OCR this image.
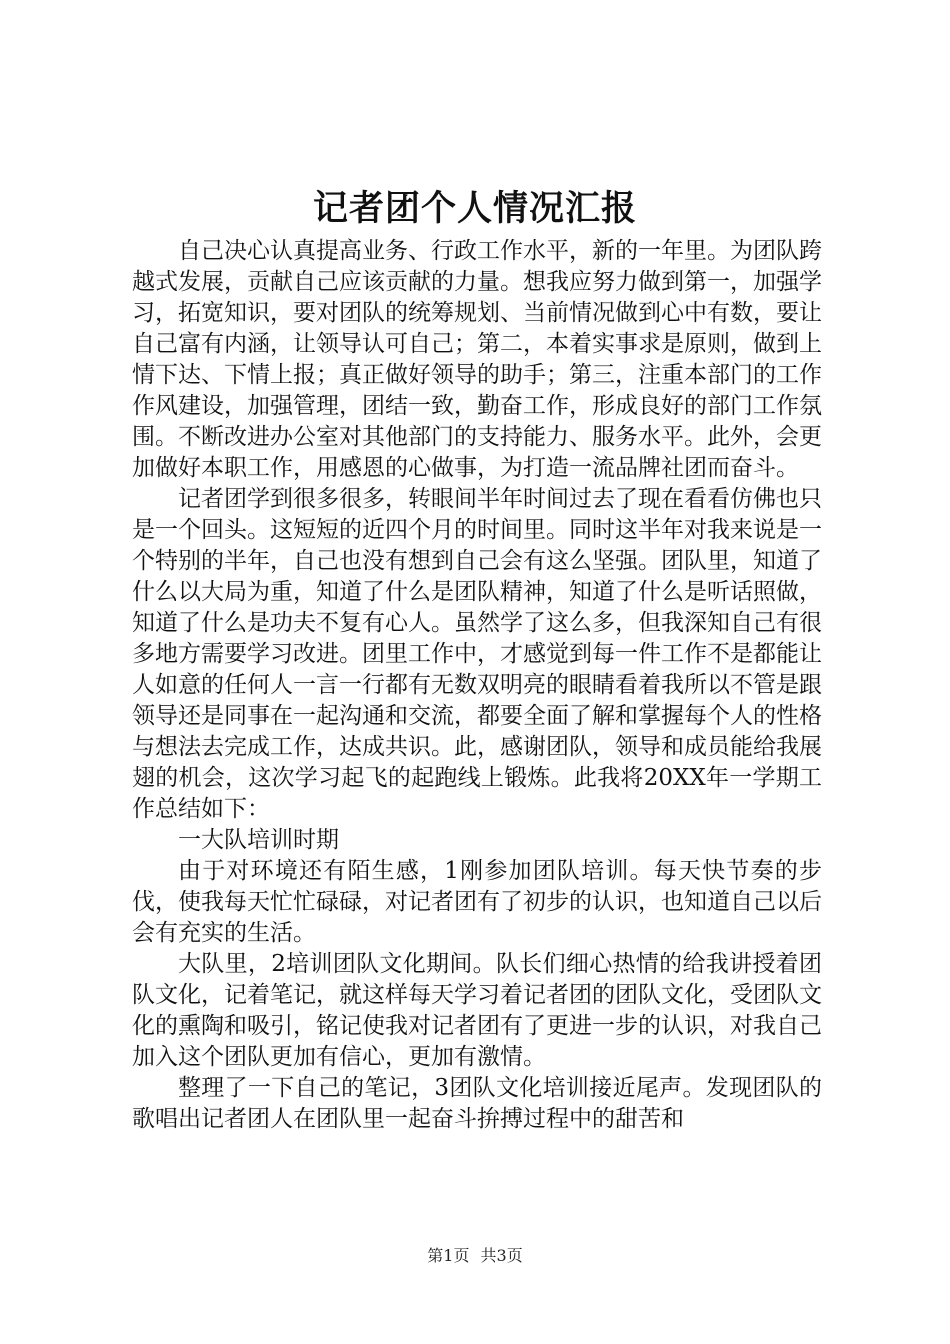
记者团个人情况汇报

自己决心认真提高业务、行政工作水平，新的一年里。为团队跨越式发展，贡献自己应该贡献的力量。想我应努力做到第一，加强学习，拓宽知识，要对团队的统筹规划、当前情况做到心中有数，要让自己富有内涵，让领导认可自己；第二，本着实事求是原则，做到上情下达、下情上报；真正做好领导的助手；第三，注重本部门的工作作风建设，加强管理，团结一致，勤奋工作，形成良好的部门工作氛围。不断改进办公室对其他部门的支持能力、服务水平。此外，会更加做好本职工作，用感恩的心做事，为打造一流品牌社团而奋斗。

记者团学到很多很多，转眼间半年时间过去了现在看看仿佛也只是一个回头。这短短的近四个月的时间里。同时这半年对我来说是一个特别的半年，自己也没有想到自己会有这么坚强。团队里，知道了什么以大局为重，知道了什么是团队精神，知道了什么是听话照做，知道了什么是功夫不复有心人。虽然学了这么多，但我深知自己有很多地方需要学习改进。团里工作中，才感觉到每一件工作不是都能让人如意的任何人一言一行都有无数双明亮的眼睛看着我所以不管是跟领导还是同事在一起沟通和交流，都要全面了解和掌握每个人的性格与想法去完成工作，达成共识。此，感谢团队，领导和成员能给我展翅的机会，这次学习起飞的起跑线上锻炼。此我将20XX年一学期工作总结如下：

一大队培训时期

由于对环境还有陌生感，1刚参加团队培训。每天快节奏的步伐，使我每天忙忙碌碌，对记者团有了初步的认识，也知道自己以后会有充实的生活。

大队里，2培训团队文化期间。队长们细心热情的给我讲授着团队文化，记着笔记，就这样每天学习着记者团的团队文化，受团队文化的熏陶和吸引，铭记使我对记者团有了更进一步的认识，对我自己加入这个团队更加有信心，更加有激情。

整理了一下自己的笔记，3团队文化培训接近尾声。发现团队的歌唱出记者团人在团队里一起奋斗拚搏过程中的甜苦和

第1页 共3页
